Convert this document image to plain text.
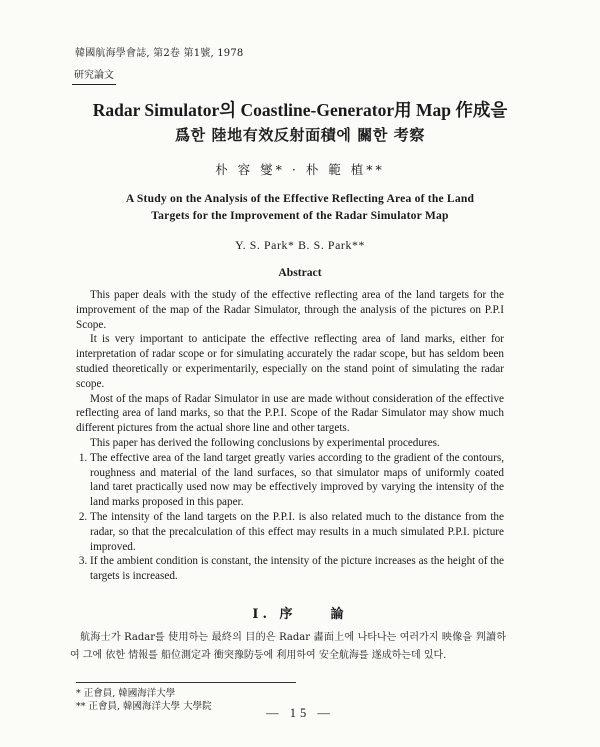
韓國航海學會誌, 第2卷 第1號, 1978
研究論文
Radar Simulator의 Coastline-Generator用 Map 作成을
爲한 陸地有效反射面積에 關한 考察
朴 容 燮* · 朴 範 植**
A Study on the Analysis of the Effective Reflecting Area of the Land
Targets for the Improvement of the Radar Simulator Map
Y. S. Park* B. S. Park**
Abstract

This paper deals with the study of the effective reflecting area of the land targets for the improvement of the map of the Radar Simulator, through the analysis of the pictures on P.P.I Scope.

It is very important to anticipate the effective reflecting area of land marks, either for interpretation of radar scope or for simulating accurately the radar scope, but has seldom been studied theoretically or experimentarily, especially on the stand point of simulating the radar scope.

Most of the maps of Radar Simulator in use are made without consideration of the effective reflecting area of land marks, so that the P.P.I. Scope of the Radar Simulator may show much different pictures from the actual shore line and other targets.

This paper has derived the following conclusions by experimental procedures.

1. The effective area of the land target greatly varies according to the gradient of the contours, roughness and material of the land surfaces, so that simulator maps of uniformly coated land taret practically used now may be effectively improved by varying the intensity of the land marks proposed in this paper.
2. The intensity of the land targets on the P.P.I. is also related much to the distance from the radar, so that the precalculation of this effect may results in a much simulated P.P.I. picture improved.
3. If the ambient condition is constant, the intensity of the picture increases as the height of the targets is increased.
I. 序　　論

航海士가 Radar를 使用하는 最終의 目的은 Radar 畵面上에 나타나는 여러가지 映像을 判讀하여 그에 依한 情報를 船位測定과 衝突豫防등에 利用하여 安全航海를 遂成하는데 있다.

* 正會員, 韓國海洋大學
** 正會員, 韓國海洋大學 大學院	— 15 —
